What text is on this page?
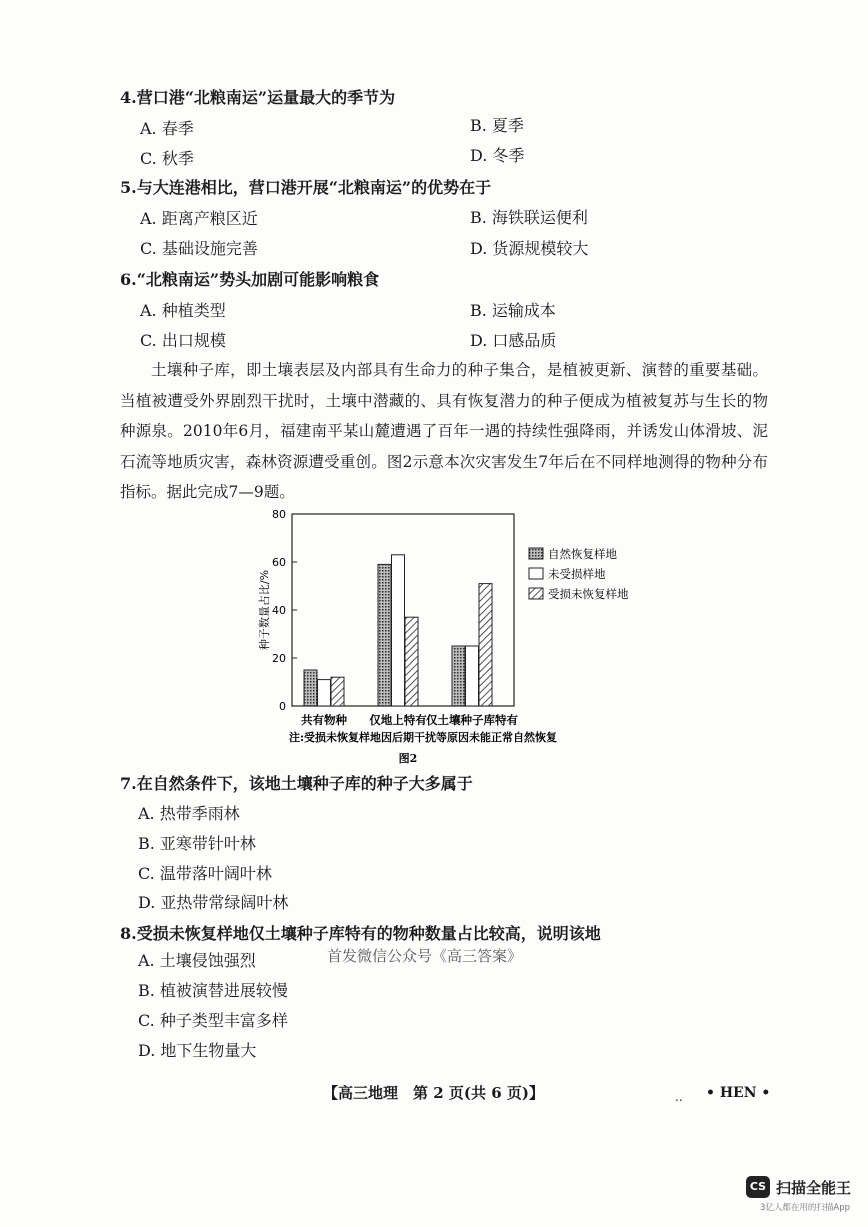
4.营口港“北粮南运”运量最大的季节为
A. 春季	B. 夏季
C. 秋季	D. 冬季
5.与大连港相比，营口港开展“北粮南运”的优势在于
A. 距离产粮区近	B. 海铁联运便利
C. 基础设施完善	D. 货源规模较大
6.“北粮南运”势头加剧可能影响粮食
A. 种植类型	B. 运输成本
C. 出口规模	D. 口感品质

土壤种子库，即土壤表层及内部具有生命力的种子集合，是植被更新、演替的重要基础。当植被遭受外界剧烈干扰时，土壤中潜藏的、具有恢复潜力的种子便成为植被复苏与生长的物种源泉。2010年6月，福建南平某山麓遭遇了百年一遇的持续性强降雨，并诱发山体滑坡、泥石流等地质灾害，森林资源遭受重创。图2示意本次灾害发生7年后在不同样地测得的物种分布指标。据此完成7—9题。

0
20
40
60
80
种子数量占比/%
共有物种 仅地上特有 仅土壤种子库特有
注:受损未恢复样地因后期干扰等原因未能正常自然恢复
图2
自然恢复样地
未受损样地
受损未恢复样地
7.在自然条件下，该地土壤种子库的种子大多属于
A. 热带季雨林
B. 亚寒带针叶林
C. 温带落叶阔叶林
D. 亚热带常绿阔叶林
8.受损未恢复样地仅土壤种子库特有的物种数量占比较高，说明该地
A. 土壤侵蚀强烈
B. 植被演替进展较慢
C. 种子类型丰富多样
D. 地下生物量大
首发微信公众号《高三答案》
【高三地理　第 2 页(共 6 页)】	.. • HEN •
CS 扫描全能王
3亿人都在用的扫描App
